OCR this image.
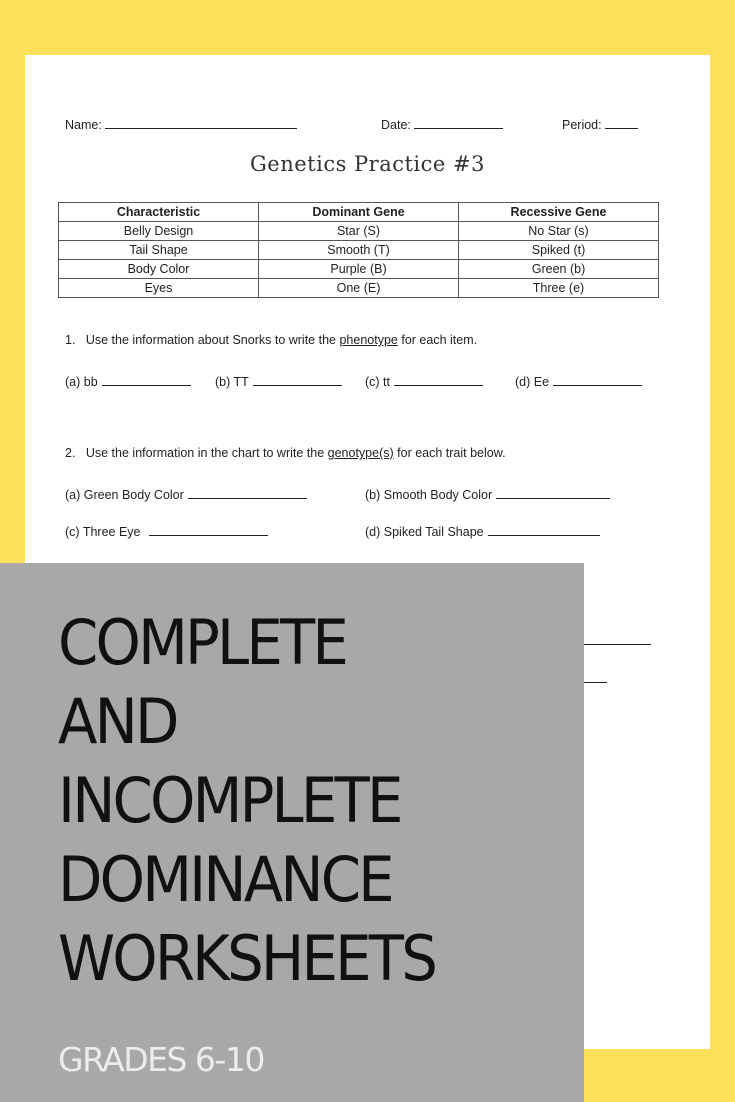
Name:	Date:	Period:
Genetics Practice #3
Characteristic	Dominant Gene	Recessive Gene
Belly Design	Star (S)	No Star (s)
Tail Shape	Smooth (T)	Spiked (t)
Body Color	Purple (B)	Green (b)
Eyes	One (E)	Three (e)
1. Use the information about Snorks to write the phenotype for each item.
(a) bb	(b) TT	(c) tt	(d) Ee
2. Use the information in the chart to write the genotype(s) for each trait below.
(a) Green Body Color	(b) Smooth Body Color
(c) Three Eye	(d) Spiked Tail Shape
COMPLETE
AND
INCOMPLETE
DOMINANCE
WORKSHEETS
GRADES 6-10
